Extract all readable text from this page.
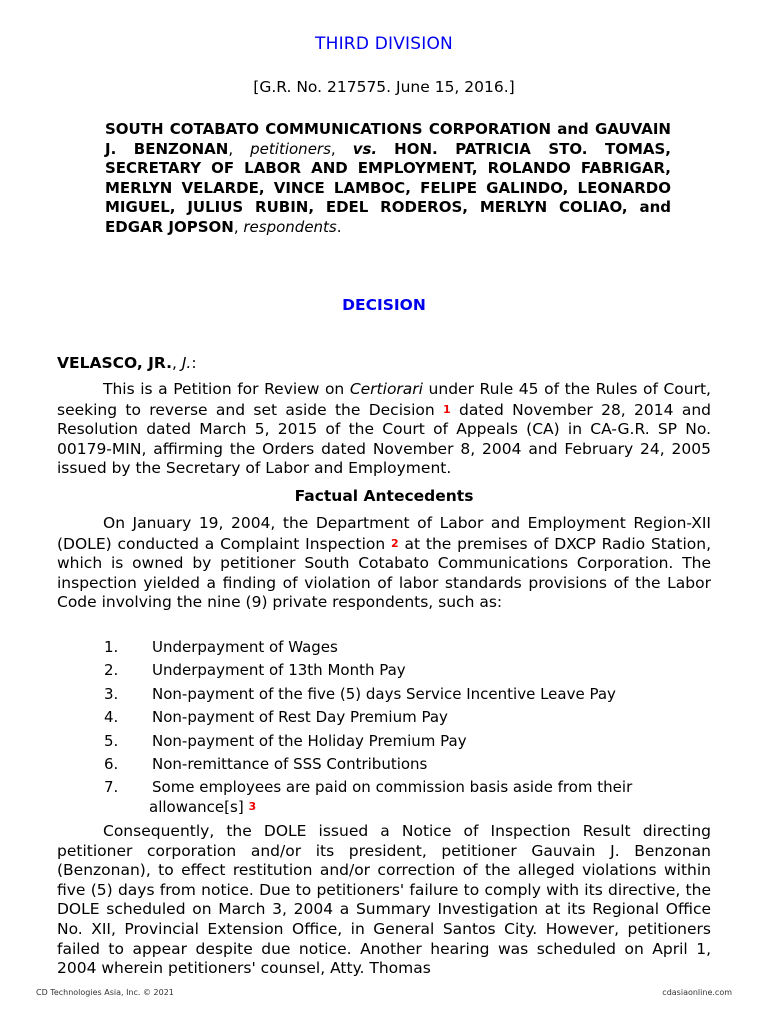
THIRD DIVISION
[G.R. No. 217575. June 15, 2016.]
SOUTH COTABATO COMMUNICATIONS CORPORATION and GAUVAIN J. BENZONAN, petitioners, vs. HON. PATRICIA STO. TOMAS, SECRETARY OF LABOR AND EMPLOYMENT, ROLANDO FABRIGAR, MERLYN VELARDE, VINCE LAMBOC, FELIPE GALINDO, LEONARDO MIGUEL, JULIUS RUBIN, EDEL RODEROS, MERLYN COLIAO, and EDGAR JOPSON, respondents.
DECISION
VELASCO, JR., J.:
This is a Petition for Review on Certiorari under Rule 45 of the Rules of Court, seeking to reverse and set aside the Decision 1 dated November 28, 2014 and Resolution dated March 5, 2015 of the Court of Appeals (CA) in CA-G.R. SP No. 00179-MIN, affirming the Orders dated November 8, 2004 and February 24, 2005 issued by the Secretary of Labor and Employment.
Factual Antecedents
On January 19, 2004, the Department of Labor and Employment Region-XII (DOLE) conducted a Complaint Inspection 2 at the premises of DXCP Radio Station, which is owned by petitioner South Cotabato Communications Corporation. The inspection yielded a finding of violation of labor standards provisions of the Labor Code involving the nine (9) private respondents, such as:
1. Underpayment of Wages
2. Underpayment of 13th Month Pay
3. Non-payment of the five (5) days Service Incentive Leave Pay
4. Non-payment of Rest Day Premium Pay
5. Non-payment of the Holiday Premium Pay
6. Non-remittance of SSS Contributions
7. Some employees are paid on commission basis aside from their
allowance[s] 3
Consequently, the DOLE issued a Notice of Inspection Result directing petitioner corporation and/or its president, petitioner Gauvain J. Benzonan (Benzonan), to effect restitution and/or correction of the alleged violations within five (5) days from notice. Due to petitioners' failure to comply with its directive, the DOLE scheduled on March 3, 2004 a Summary Investigation at its Regional Office No. XII, Provincial Extension Office, in General Santos City. However, petitioners failed to appear despite due notice. Another hearing was scheduled on April 1, 2004 wherein petitioners' counsel, Atty. Thomas
CD Technologies Asia, Inc. © 2021	cdasiaonline.com
